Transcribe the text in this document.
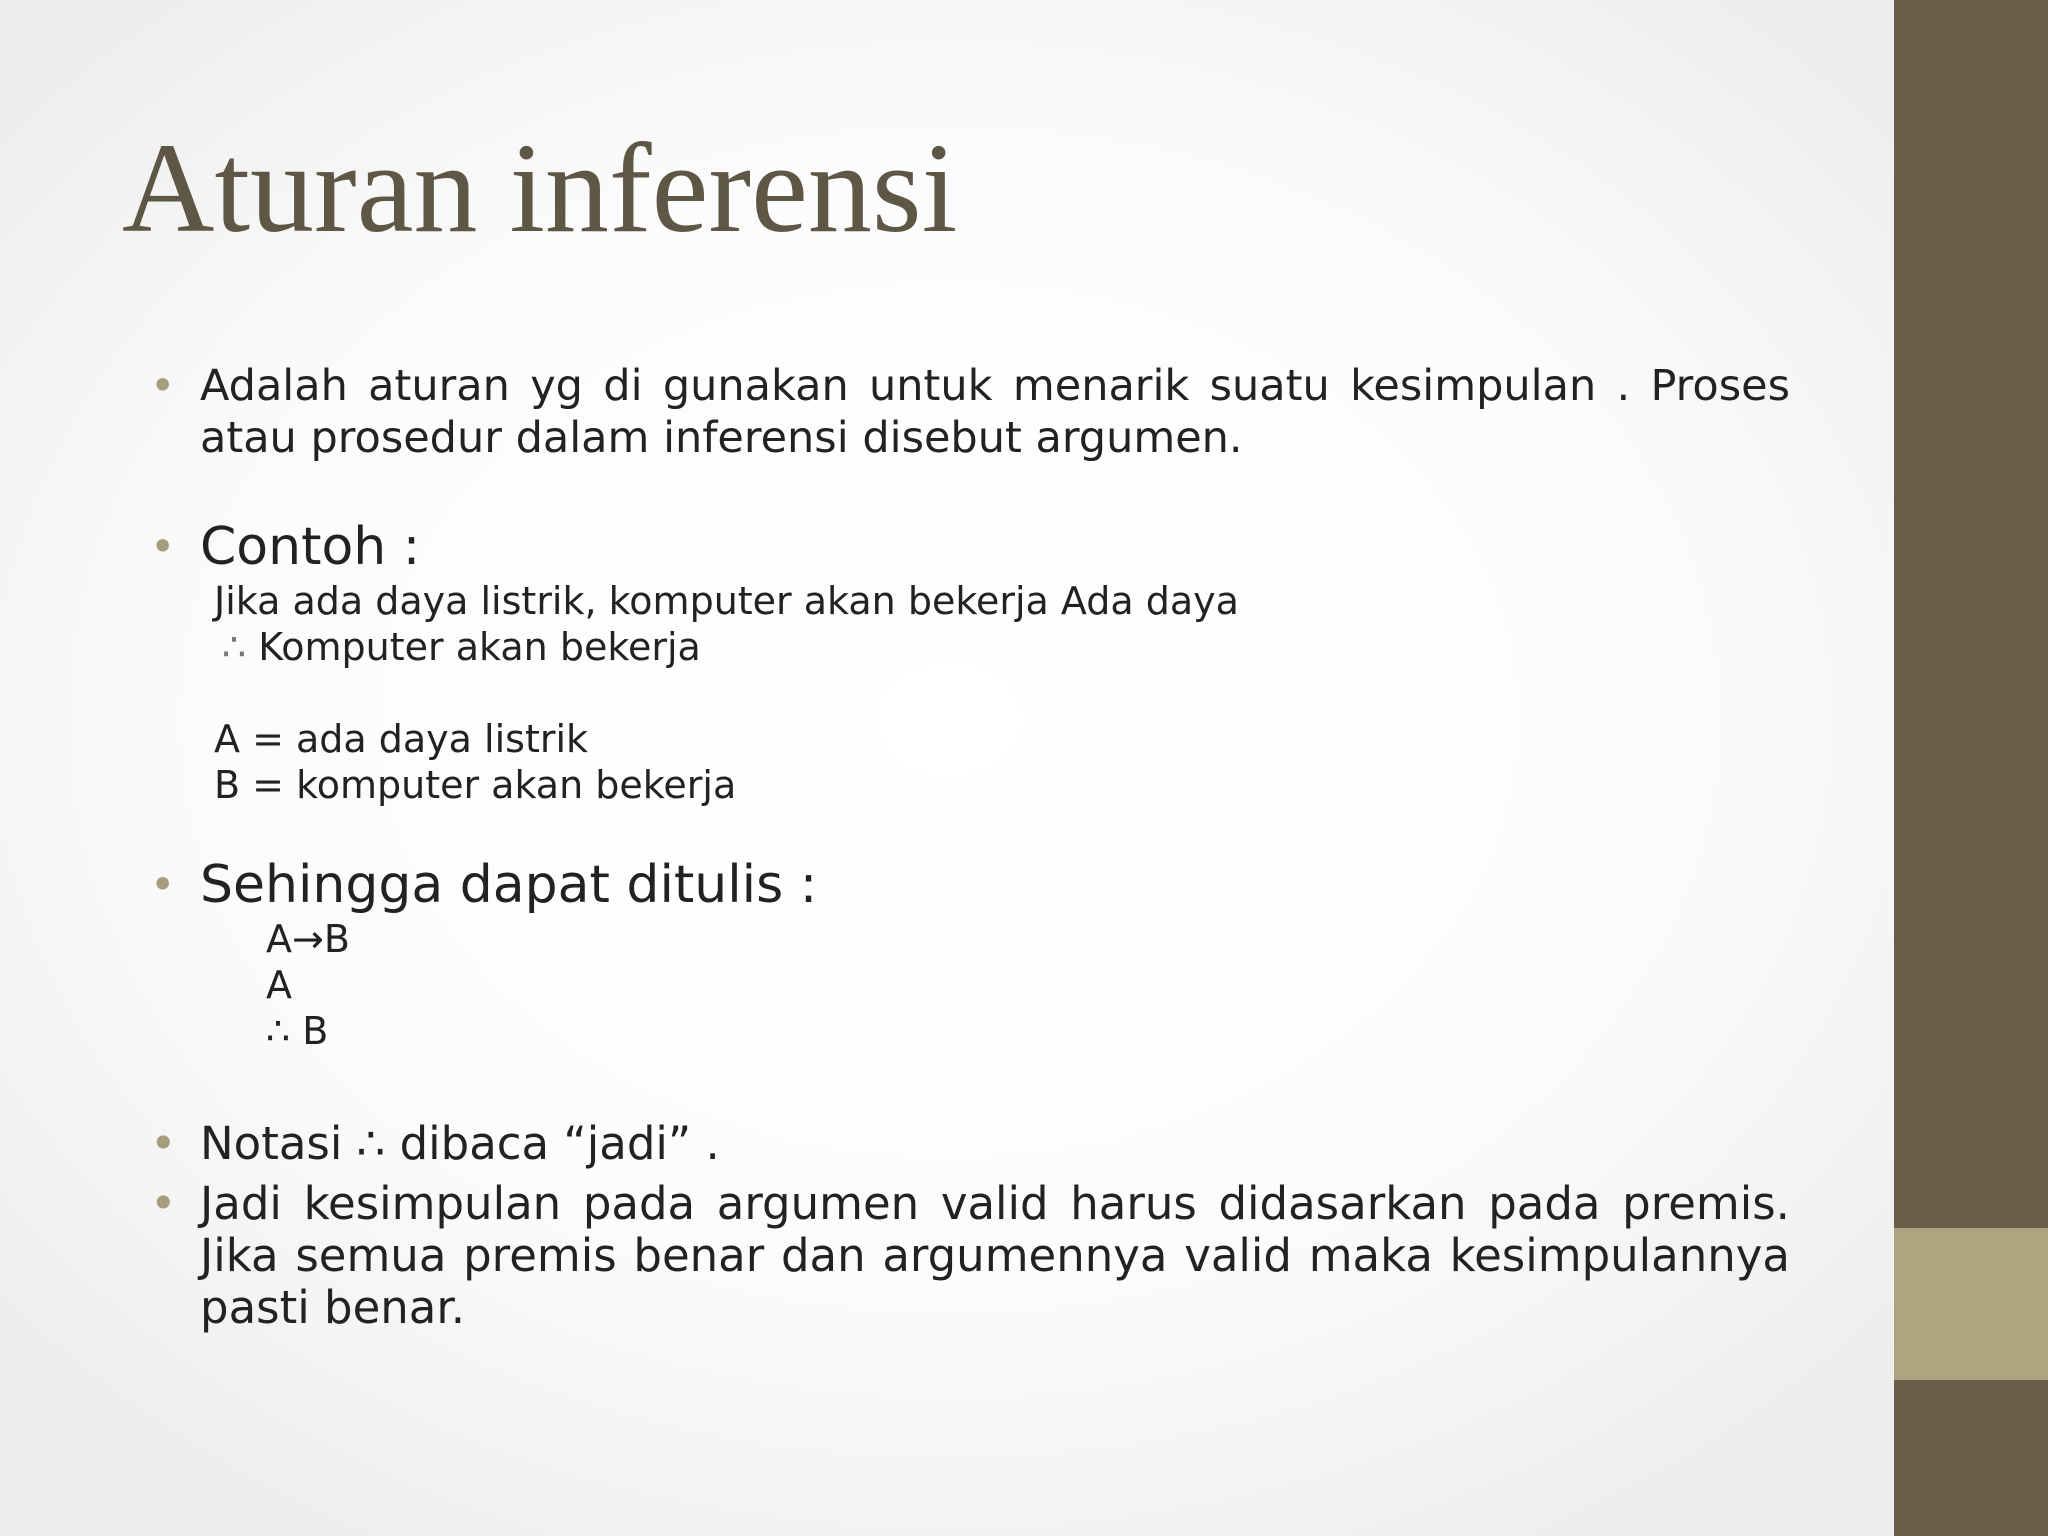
Aturan inferensi
• Adalah aturan yg di gunakan untuk menarik suatu kesimpulan . Proses atau prosedur dalam inferensi disebut argumen.
• Contoh :
Jika ada daya listrik, komputer akan bekerja Ada daya
∴ Komputer akan bekerja
A = ada daya listrik
B = komputer akan bekerja
• Sehingga dapat ditulis :
A→B
A
∴ B
• Notasi ∴ dibaca “jadi” .
• Jadi kesimpulan pada argumen valid harus didasarkan pada premis. Jika semua premis benar dan argumennya valid maka kesimpulannya pasti benar.
